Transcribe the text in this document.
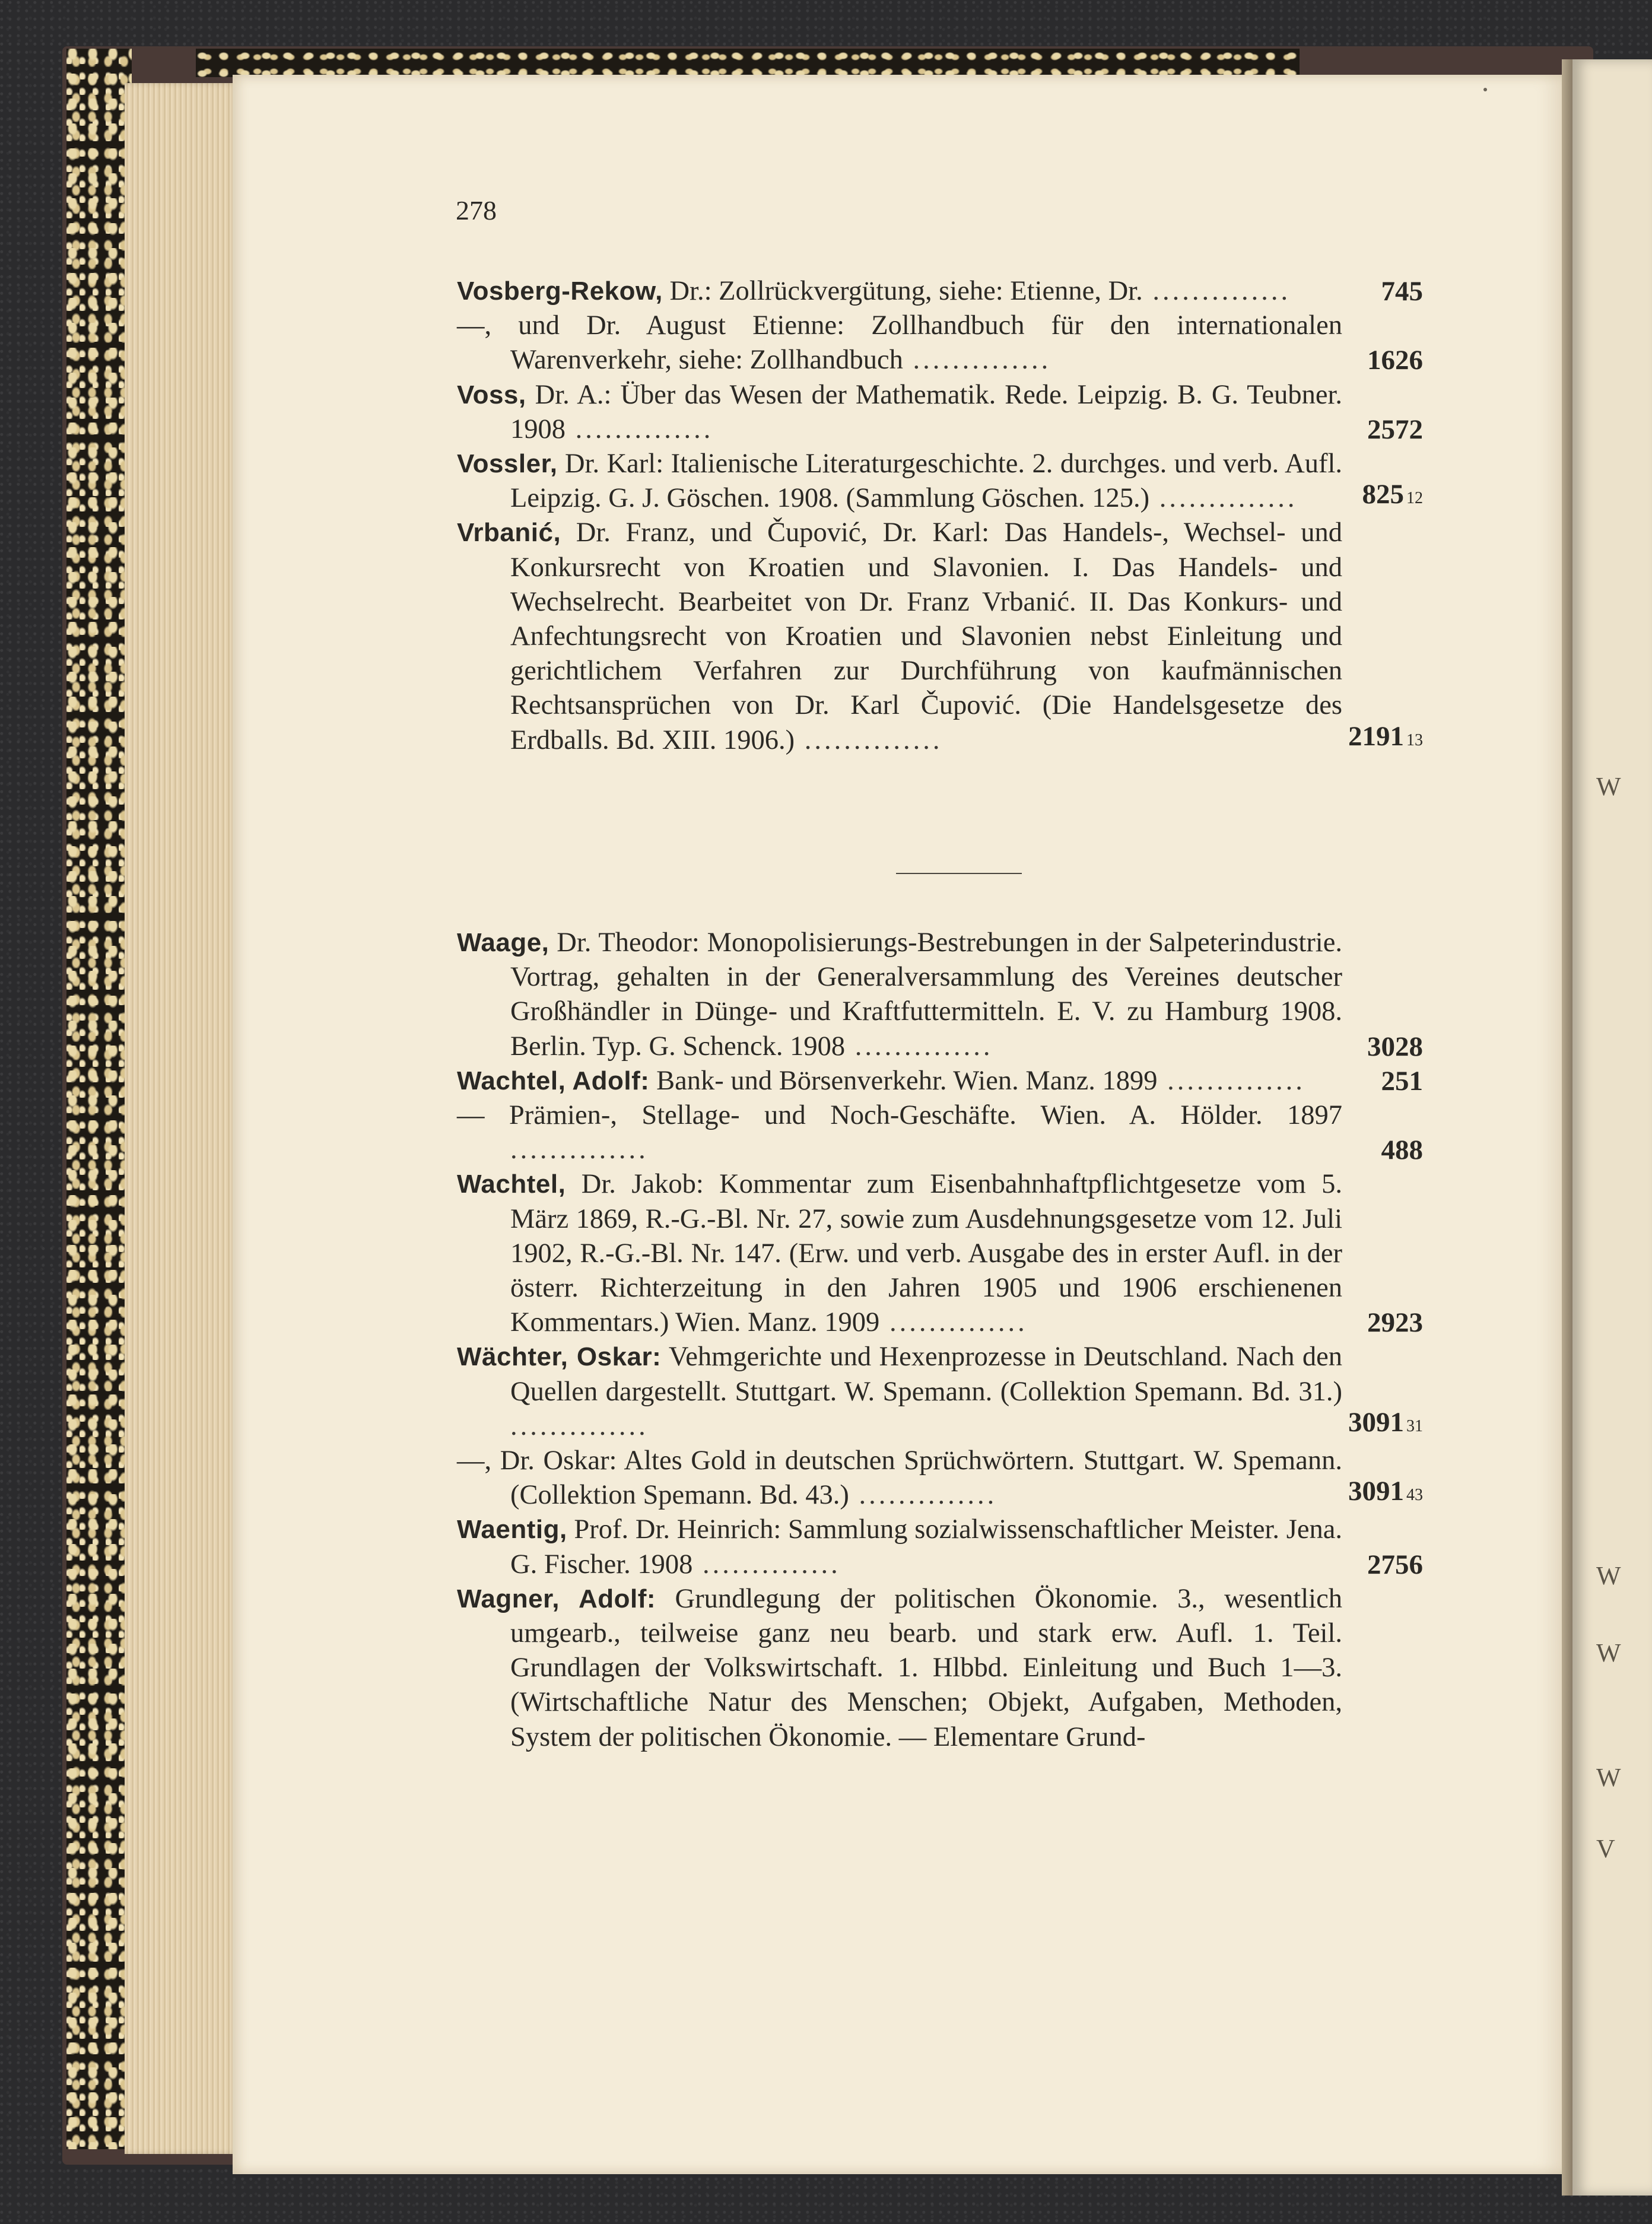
W
W
W
W
V
278
Vosberg-Rekow, Dr.: Zollrückvergütung, siehe: Etienne, Dr. ..............	745
—, und Dr. August Etienne: Zollhandbuch für den internationalen Warenverkehr, siehe: Zollhandbuch ..............	1626
Voss, Dr. A.: Über das Wesen der Mathematik. Rede. Leipzig. B. G. Teubner. 1908 ..............	2572
Vossler, Dr. Karl: Italienische Literaturgeschichte. 2. durchges. und verb. Aufl. Leipzig. G. J. Göschen. 1908. (Sammlung Göschen. 125.) .............. 825 12
Vrbanić, Dr. Franz, und Čupović, Dr. Karl: Das Handels-, Wechsel- und Konkursrecht von Kroatien und Slavonien. I. Das Handels- und Wechselrecht. Bearbeitet von Dr. Franz Vrbanić. II. Das Konkurs- und Anfechtungsrecht von Kroatien und Slavonien nebst Einleitung und gerichtlichem Verfahren zur Durchführung von kaufmännischen Rechtsansprüchen von Dr. Karl Čupović. (Die Handelsgesetze des Erdballs. Bd. XIII. 1906.) ..............	2191 13
Waage, Dr. Theodor: Monopolisierungs-Bestrebungen in der Salpeterindustrie. Vortrag, gehalten in der Generalversammlung des Vereines deutscher Großhändler in Dünge- und Kraftfuttermitteln. E. V. zu Hamburg 1908. Berlin. Typ. G. Schenck. 1908 ..............	3028
Wachtel, Adolf: Bank- und Börsenverkehr. Wien. Manz. 1899 ..............	251
— Prämien-, Stellage- und Noch-Geschäfte. Wien. A. Hölder. 1897 ..............	488
Wachtel, Dr. Jakob: Kommentar zum Eisenbahnhaftpflichtgesetze vom 5. März 1869, R.-G.-Bl. Nr. 27, sowie zum Ausdehnungsgesetze vom 12. Juli 1902, R.-G.-Bl. Nr. 147. (Erw. und verb. Ausgabe des in erster Aufl. in der österr. Richterzeitung in den Jahren 1905 und 1906 erschienenen Kommentars.) Wien. Manz. 1909 ..............	2923
Wächter, Oskar: Vehmgerichte und Hexenprozesse in Deutschland. Nach den Quellen dargestellt. Stuttgart. W. Spemann. (Collektion Spemann. Bd. 31.) ..............	3091 31
—, Dr. Oskar: Altes Gold in deutschen Sprüchwörtern. Stuttgart. W. Spemann. (Collektion Spemann. Bd. 43.) ..............	3091 43
Waentig, Prof. Dr. Heinrich: Sammlung sozialwissenschaftlicher Meister. Jena. G. Fischer. 1908 ..............	2756
Wagner, Adolf: Grundlegung der politischen Ökonomie. 3., wesentlich umgearb., teilweise ganz neu bearb. und stark erw. Aufl. 1. Teil. Grundlagen der Volkswirtschaft. 1. Hlbbd. Einleitung und Buch 1—3. (Wirtschaftliche Natur des Menschen; Objekt, Aufgaben, Methoden, System der politischen Ökonomie. — Elementare Grund-
